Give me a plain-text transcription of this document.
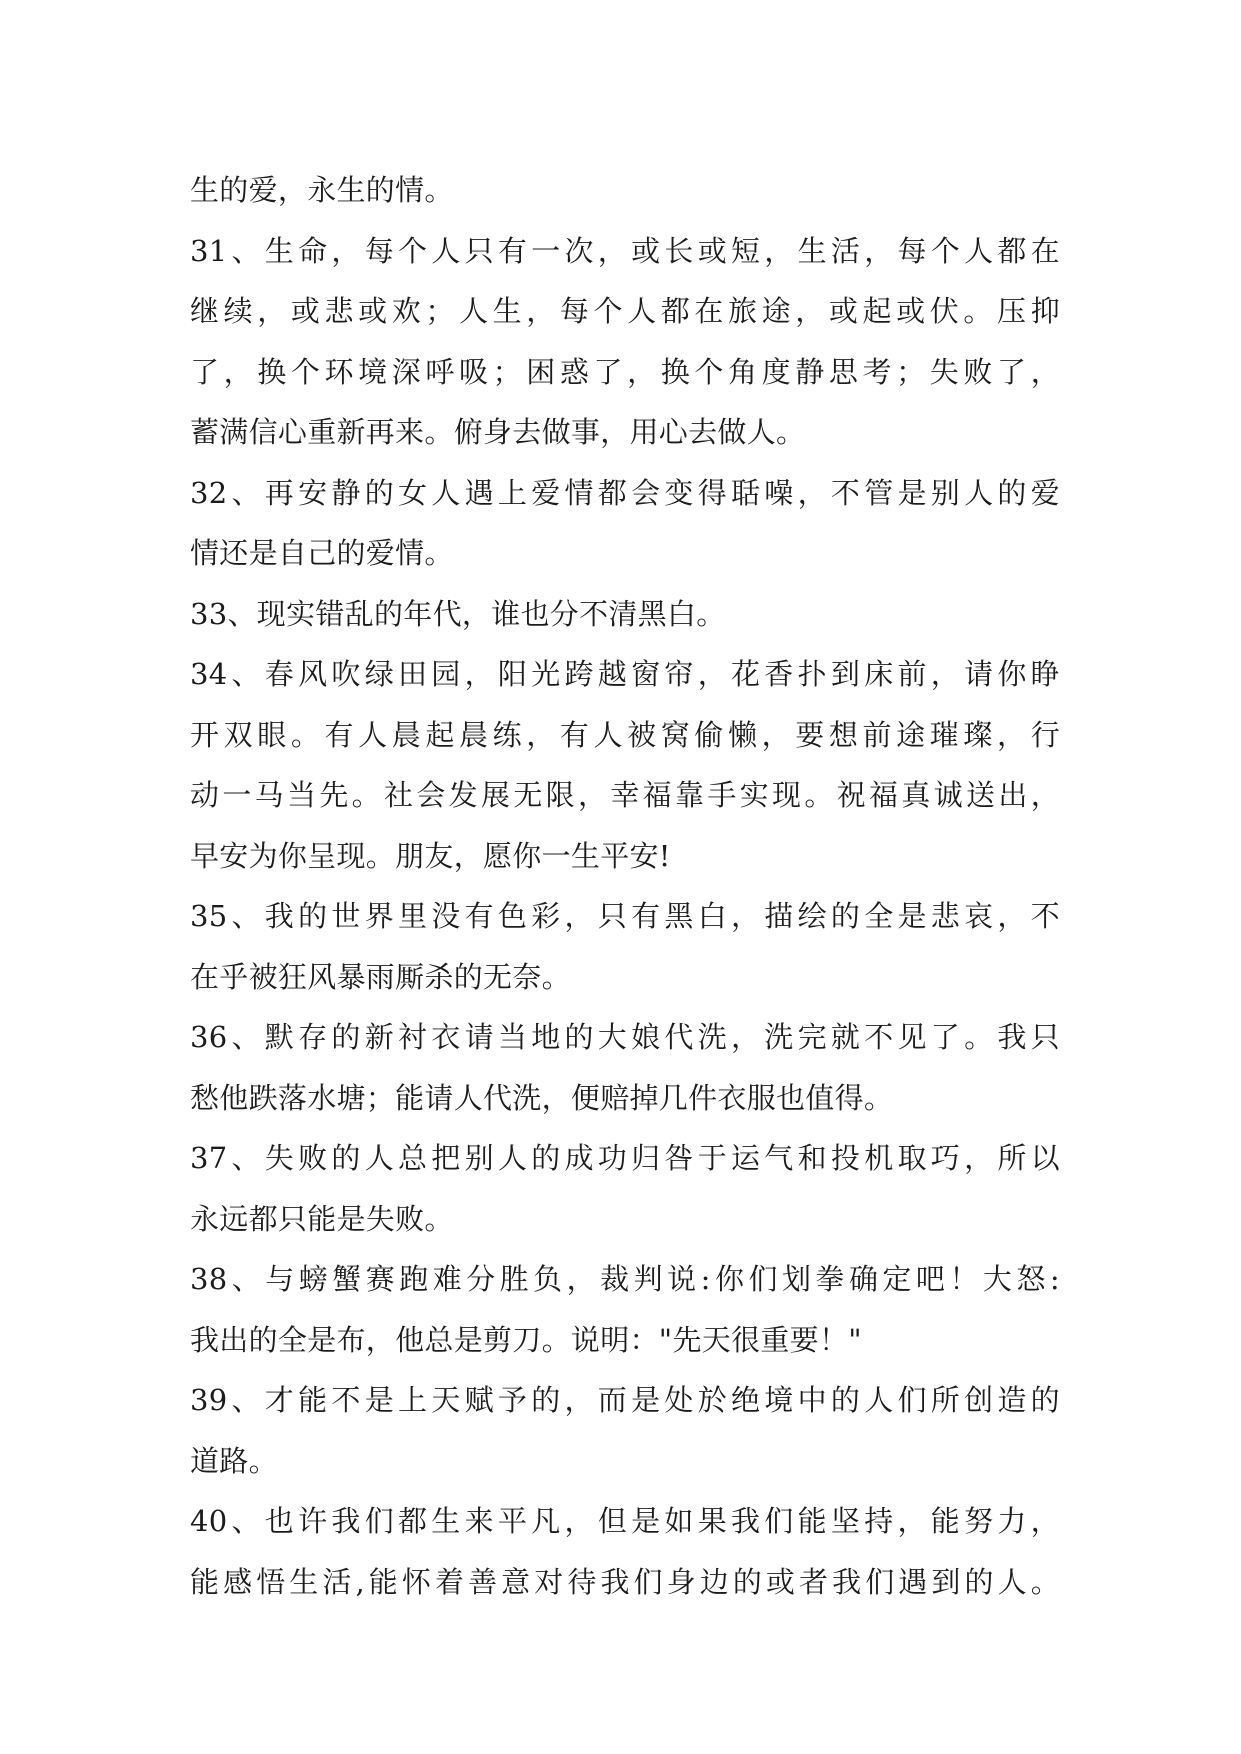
生的爱，永生的情。
31、生命，每个人只有一次，或长或短，生活，每个人都在
继续，或悲或欢；人生，每个人都在旅途，或起或伏。压抑
了，换个环境深呼吸；困惑了，换个角度静思考；失败了，
蓄满信心重新再来。俯身去做事，用心去做人。
32、再安静的女人遇上爱情都会变得聒噪，不管是别人的爱
情还是自己的爱情。
33、现实错乱的年代，谁也分不清黑白。
34、春风吹绿田园，阳光跨越窗帘，花香扑到床前，请你睁
开双眼。有人晨起晨练，有人被窝偷懒，要想前途璀璨，行
动一马当先。社会发展无限，幸福靠手实现。祝福真诚送出，
早安为你呈现。朋友，愿你一生平安!
35、我的世界里没有色彩，只有黑白，描绘的全是悲哀，不
在乎被狂风暴雨厮杀的无奈。
36、默存的新衬衣请当地的大娘代洗，洗完就不见了。我只
愁他跌落水塘；能请人代洗，便赔掉几件衣服也值得。
37、失败的人总把别人的成功归咎于运气和投机取巧，所以
永远都只能是失败。
38、与螃蟹赛跑难分胜负，裁判说:你们划拳确定吧！大怒:
我出的全是布，他总是剪刀。说明："先天很重要！"
39、才能不是上天赋予的，而是处於绝境中的人们所创造的
道路。
40、也许我们都生来平凡，但是如果我们能坚持，能努力，
能感悟生活,能怀着善意对待我们身边的或者我们遇到的人。
